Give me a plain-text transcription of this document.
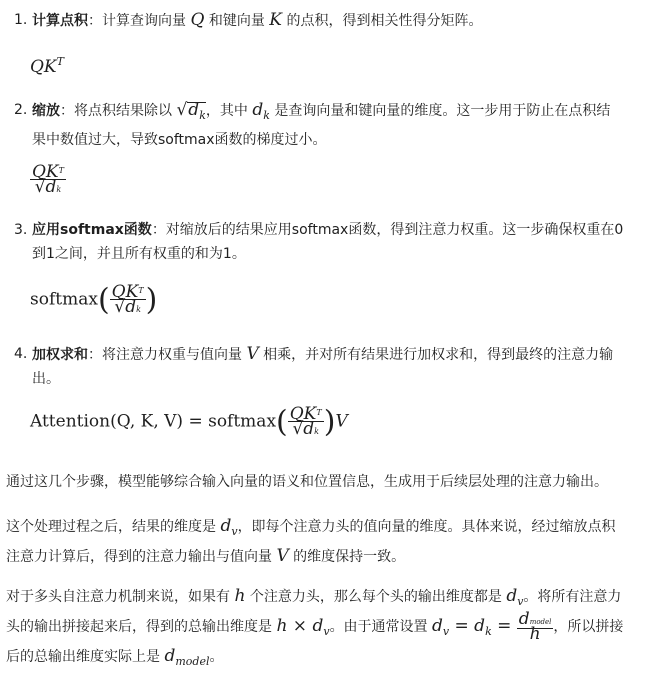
1. 计算点积：计算查询向量 Q 和键向量 K 的点积，得到相关性得分矩阵。
$QK^T$
2. 缩放：将点积结果除以 $√d_k$，其中 $d_k$ 是查询向量和键向量的维度。这一步用于防止在点积结
果中数值过大，导致softmax函数的梯度过小。
$\frac{QK^T}{√dk}$
3. 应用softmax函数：对缩放后的结果应用softmax函数，得到注意力权重。这一步确保权重在0
到1之间，并且所有权重的和为1。
softmax( $\frac{QK^T}{√dk}$ )
4. 加权求和：将注意力权重与值向量 V 相乘，并对所有结果进行加权求和，得到最终的注意力输
出。
Attention(Q, K, V) = softmax( $\frac{QK^T}{√dk} )V$
通过这几个步骤，模型能够综合输入向量的语义和位置信息，生成用于后续层处理的注意力输出。
这个处理过程之后，结果的维度是 $d_v$，即每个注意力头的值向量的维度。具体来说，经过缩放点积
注意力计算后，得到的注意力输出与值向量 V 的维度保持一致。
对于多头自注意力机制来说，如果有 h 个注意力头，那么每个头的输出维度都是 $d_v$。将所有注意力
头的输出拼接起来后，得到的总输出维度是 $h \times d_v$。由于通常设置 $d_v = d_k = \frac{\text{dmodel}}{h}$ ，所以拼接
后的总输出维度实际上是 $d_{model}$。
